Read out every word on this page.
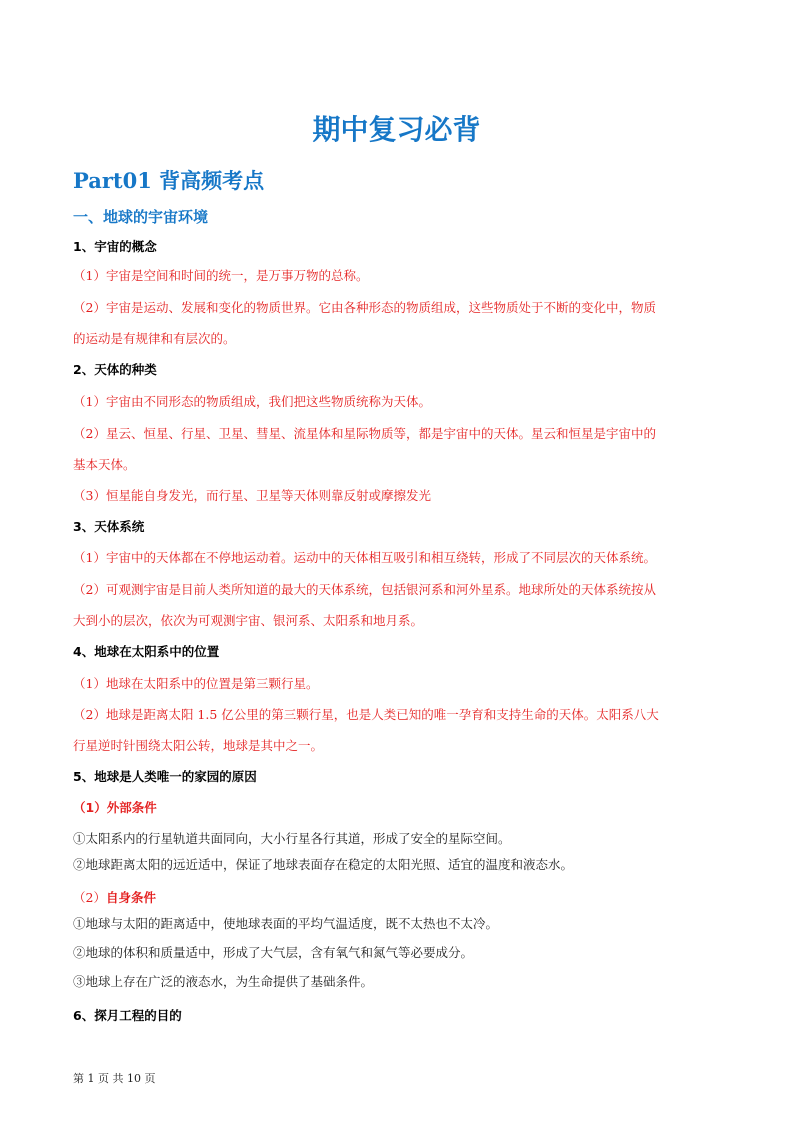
期中复习必背
Part01 背高频考点
一、地球的宇宙环境
1、宇宙的概念
（1）宇宙是空间和时间的统一，是万事万物的总称。
（2）宇宙是运动、发展和变化的物质世界。它由各种形态的物质组成，这些物质处于不断的变化中，物质
的运动是有规律和有层次的。
2、天体的种类
（1）宇宙由不同形态的物质组成，我们把这些物质统称为天体。
（2）星云、恒星、行星、卫星、彗星、流星体和星际物质等，都是宇宙中的天体。星云和恒星是宇宙中的
基本天体。
（3）恒星能自身发光，而行星、卫星等天体则靠反射或摩擦发光
3、天体系统
（1）宇宙中的天体都在不停地运动着。运动中的天体相互吸引和相互绕转，形成了不同层次的天体系统。
（2）可观测宇宙是目前人类所知道的最大的天体系统，包括银河系和河外星系。地球所处的天体系统按从
大到小的层次，依次为可观测宇宙、银河系、太阳系和地月系。
4、地球在太阳系中的位置
（1）地球在太阳系中的位置是第三颗行星。
（2）地球是距离太阳 1.5 亿公里的第三颗行星，也是人类已知的唯一孕育和支持生命的天体。太阳系八大
行星逆时针围绕太阳公转，地球是其中之一。
5、地球是人类唯一的家园的原因
（1）外部条件
①太阳系内的行星轨道共面同向，大小行星各行其道，形成了安全的星际空间。
②地球距离太阳的远近适中，保证了地球表面存在稳定的太阳光照、适宜的温度和液态水。
（2）自身条件
①地球与太阳的距离适中，使地球表面的平均气温适度，既不太热也不太冷。
②地球的体积和质量适中，形成了大气层，含有氧气和氮气等必要成分。
③地球上存在广泛的液态水，为生命提供了基础条件。
6、探月工程的目的
第 1 页 共 10 页
